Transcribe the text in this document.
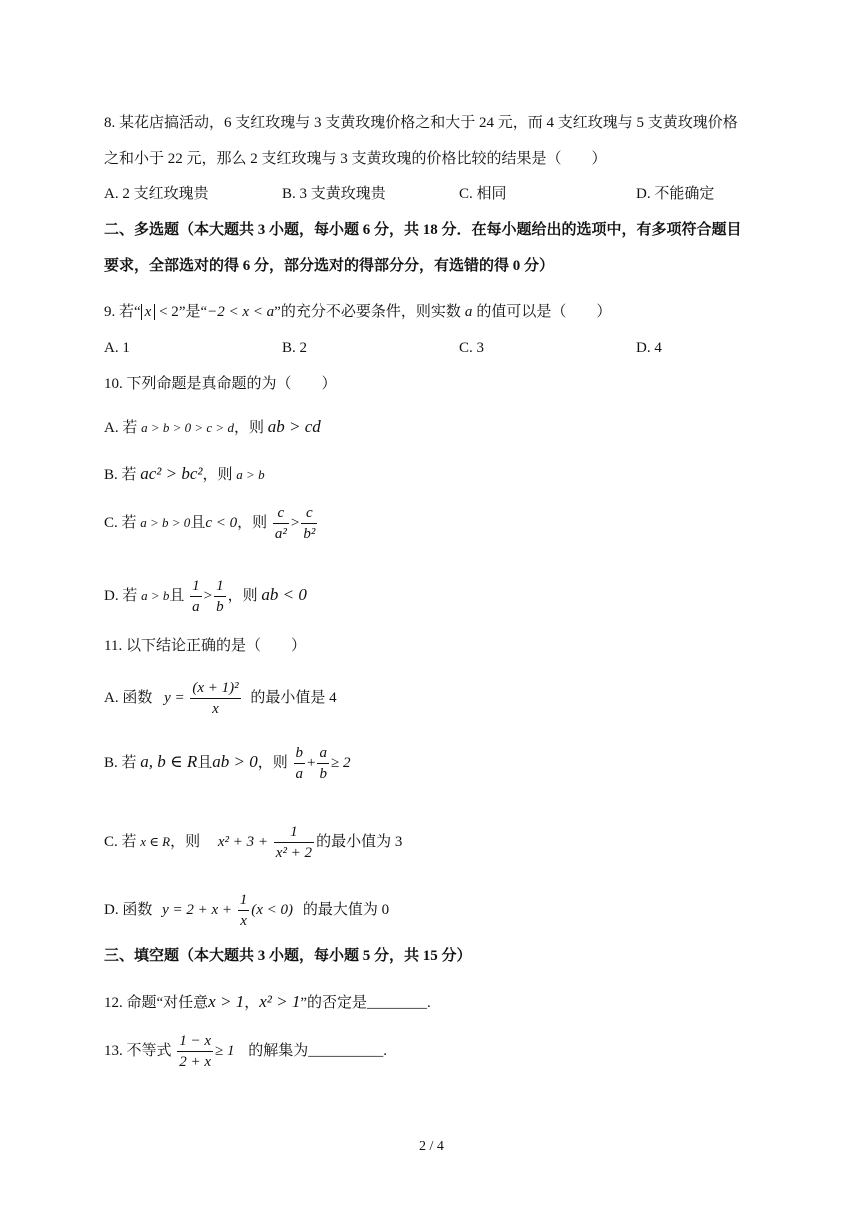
8. 某花店搞活动，6 支红玫瑰与 3 支黄玫瑰价格之和大于 24 元，而 4 支红玫瑰与 5 支黄玫瑰价格
之和小于 22 元，那么 2 支红玫瑰与 3 支黄玫瑰的价格比较的结果是（　　）
A. 2 支红玫瑰贵	B. 3 支黄玫瑰贵	C. 相同	D. 不能确定
二、多选题（本大题共 3 小题，每小题 6 分，共 18 分．在每小题给出的选项中，有多项符合题目
要求，全部选对的得 6 分，部分选对的得部分分，有选错的得 0 分）
9. 若“ x < 2”是“−2 < x < a”的充分不必要条件，则实数 a 的值可以是（　　）
A. 1	B. 2	C. 3	D. 4
10. 下列命题是真命题的为（　　）
A. 若 a > b > 0 > c > d，则 ab > cd
B. 若 ac² > bc²，则 a > b
C. 若 a > b > 0且c < 0，则 $\frac{c}{\text{a²}} > \frac{c}{\text{b²}}$
D. 若 a > b且 $\frac{1}{a} > \frac{1}{b}$ ，则 ab < 0
11. 以下结论正确的是（　　）
A. 函数 $y = \frac{\text{(x + 1)²}}{x}$ 的最小值是 4
B. 若 a, b ∈ R且ab > 0，则 $\frac{b}{a} + \frac{a}{b} \ge 2$
C. 若 x ∈ R，则 $x^2 + 3 + \frac{1}{\text{x² + 2}}$ 的最小值为 3
D. 函数 $y = 2 + x + \frac{1}{x} (x < 0)$ 的最大值为 0
三、填空题（本大题共 3 小题，每小题 5 分，共 15 分）
12. 命题“对任意x > 1，x² > 1”的否定是________.
13. 不等式 $\frac{1 - x}{2 + x} \ge 1$ 的解集为__________.
2 / 4
